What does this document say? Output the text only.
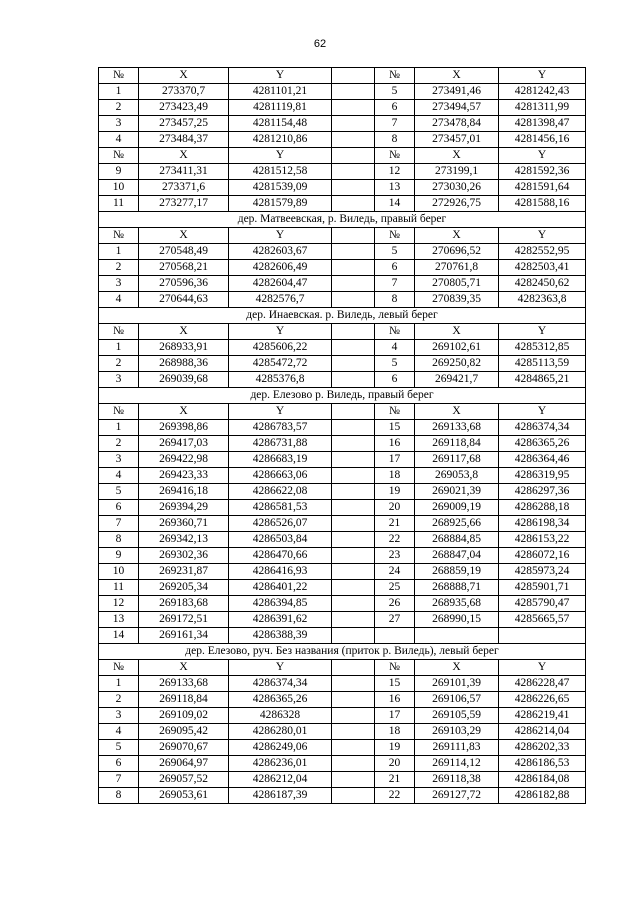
62
№	X	Y		№	X	Y
1	273370,7	4281101,21		5	273491,46	4281242,43
2	273423,49	4281119,81		6	273494,57	4281311,99
3	273457,25	4281154,48		7	273478,84	4281398,47
4	273484,37	4281210,86		8	273457,01	4281456,16
№	X	Y		№	X	Y
9	273411,31	4281512,58		12	273199,1	4281592,36
10	273371,6	4281539,09		13	273030,26	4281591,64
11	273277,17	4281579,89		14	272926,75	4281588,16
дер. Матвеевская, р. Виледь, правый берег						
№	X	Y		№	X	Y
1	270548,49	4282603,67		5	270696,52	4282552,95
2	270568,21	4282606,49		6	270761,8	4282503,41
3	270596,36	4282604,47		7	270805,71	4282450,62
4	270644,63	4282576,7		8	270839,35	4282363,8
дер. Инаевская. р. Виледь, левый берег						
№	X	Y		№	X	Y
1	268933,91	4285606,22		4	269102,61	4285312,85
2	268988,36	4285472,72		5	269250,82	4285113,59
3	269039,68	4285376,8		6	269421,7	4284865,21
дер. Елезово р. Виледь, правый берег						
№	X	Y		№	X	Y
1	269398,86	4286783,57		15	269133,68	4286374,34
2	269417,03	4286731,88		16	269118,84	4286365,26
3	269422,98	4286683,19		17	269117,68	4286364,46
4	269423,33	4286663,06		18	269053,8	4286319,95
5	269416,18	4286622,08		19	269021,39	4286297,36
6	269394,29	4286581,53		20	269009,19	4286288,18
7	269360,71	4286526,07		21	268925,66	4286198,34
8	269342,13	4286503,84		22	268884,85	4286153,22
9	269302,36	4286470,66		23	268847,04	4286072,16
10	269231,87	4286416,93		24	268859,19	4285973,24
11	269205,34	4286401,22		25	268888,71	4285901,71
12	269183,68	4286394,85		26	268935,68	4285790,47
13	269172,51	4286391,62		27	268990,15	4285665,57
14	269161,34	4286388,39				
дер. Елезово, руч. Без названия (приток р. Виледь), левый берег						
№	X	Y		№	X	Y
1	269133,68	4286374,34		15	269101,39	4286228,47
2	269118,84	4286365,26		16	269106,57	4286226,65
3	269109,02	4286328		17	269105,59	4286219,41
4	269095,42	4286280,01		18	269103,29	4286214,04
5	269070,67	4286249,06		19	269111,83	4286202,33
6	269064,97	4286236,01		20	269114,12	4286186,53
7	269057,52	4286212,04		21	269118,38	4286184,08
8	269053,61	4286187,39		22	269127,72	4286182,88
